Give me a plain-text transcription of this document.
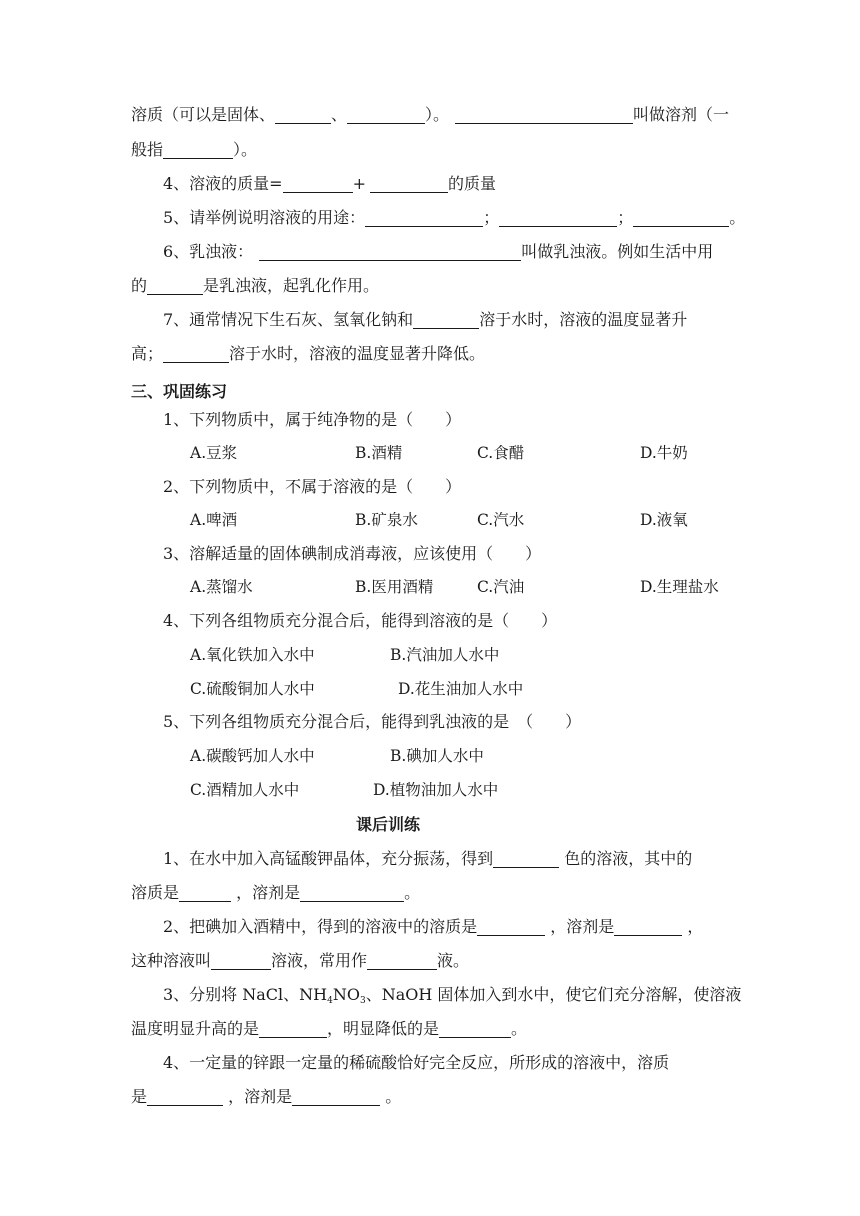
溶质（可以是固体、	、	）。	叫做溶剂（一
般指	）。
4、溶液的质量=	+	的质量
5、请举例说明溶液的用途：	；	；	。
6、乳浊液：	叫做乳浊液。例如生活中用
的	是乳浊液，起乳化作用。
7、通常情况下生石灰、氢氧化钠和	溶于水时，溶液的温度显著升
高；	溶于水时，溶液的温度显著升降低。
三、巩固练习
1、下列物质中，属于纯净物的是（　　）
A.豆浆	B.酒精	C.食醋	D.牛奶
2、下列物质中，不属于溶液的是（　　）
A.啤酒	B.矿泉水	C.汽水	D.液氧
3、溶解适量的固体碘制成消毒液，应该使用（　　）
A.蒸馏水	B.医用酒精	C.汽油	D.生理盐水
4、下列各组物质充分混合后，能得到溶液的是（　　）
A.氧化铁加入水中	B.汽油加人水中
C.硫酸铜加人水中	D.花生油加人水中
5、下列各组物质充分混合后，能得到乳浊液的是　（　　）
A.碳酸钙加人水中	B.碘加人水中
C.酒精加人水中	D.植物油加人水中
课后训练
1、在水中加入高锰酸钾晶体，充分振荡，得到	色的溶液，其中的
溶质是	，溶剂是	。
2、把碘加入酒精中，得到的溶液中的溶质是	，溶剂是	，
这种溶液叫	溶液，常用作	液。
3、分别将 NaCl、$NH_4NO_3$、NaOH 固体加入到水中，使它们充分溶解，使溶液
温度明显升高的是	，明显降低的是	。
4、一定量的锌跟一定量的稀硫酸恰好完全反应，所形成的溶液中，溶质
是	，溶剂是	。
